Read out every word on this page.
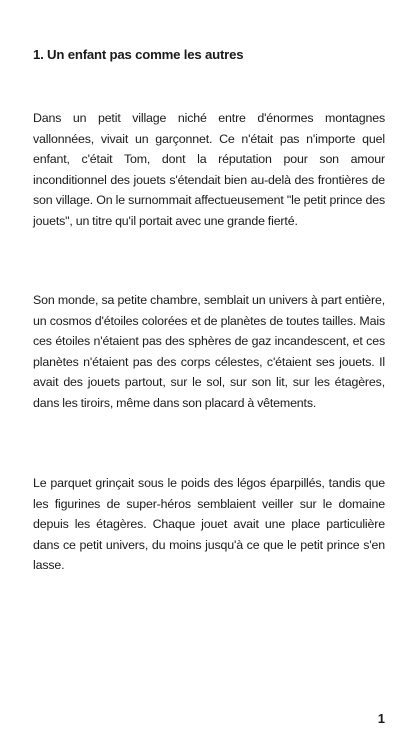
1. Un enfant pas comme les autres

Dans un petit village niché entre d'énormes montagnes vallonnées, vivait un garçonnet. Ce n'était pas n'importe quel enfant, c'était Tom, dont la réputation pour son amour inconditionnel des jouets s'étendait bien au-delà des frontières de son village. On le surnommait affectueusement "le petit prince des jouets", un titre qu'il portait avec une grande fierté.

Son monde, sa petite chambre, semblait un univers à part entière, un cosmos d'étoiles colorées et de planètes de toutes tailles. Mais ces étoiles n'étaient pas des sphères de gaz incandescent, et ces planètes n'étaient pas des corps célestes, c'étaient ses jouets. Il avait des jouets partout, sur le sol, sur son lit, sur les étagères, dans les tiroirs, même dans son placard à vêtements.

Le parquet grinçait sous le poids des légos éparpillés, tandis que les figurines de super-héros semblaient veiller sur le domaine depuis les étagères. Chaque jouet avait une place particulière dans ce petit univers, du moins jusqu'à ce que le petit prince s'en lasse.

1
